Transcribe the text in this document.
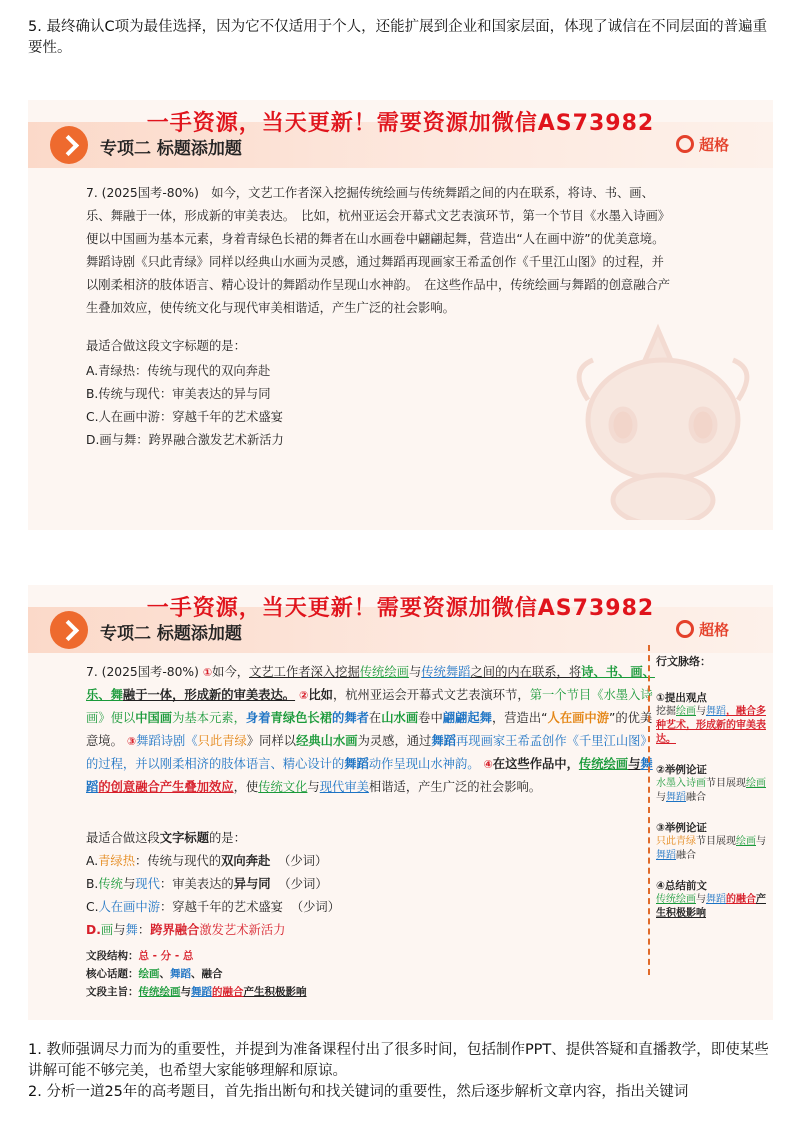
5. 最终确认C项为最佳选择，因为它不仅适用于个人，还能扩展到企业和国家层面，体现了诚信在不同层面的普遍重要性。
一手资源，当天更新！需要资源加微信AS73982
专项二 标题添加题	超格
7. (2025国考-80%)　如今，文艺工作者深入挖掘传统绘画与传统舞蹈之间的内在联系，将诗、书、画、乐、舞融于一体，形成新的审美表达。　比如，杭州亚运会开幕式文艺表演环节，第一个节目《水墨入诗画》便以中国画为基本元素，身着青绿色长裙的舞者在山水画卷中翩翩起舞，营造出“人在画中游”的优美意境。　舞蹈诗剧《只此青绿》同样以经典山水画为灵感，通过舞蹈再现画家王希孟创作《千里江山图》的过程，并以刚柔相济的肢体语言、精心设计的舞蹈动作呈现山水神韵。　在这些作品中，传统绘画与舞蹈的创意融合产生叠加效应，使传统文化与现代审美相谐适，产生广泛的社会影响。
最适合做这段文字标题的是：
A.青绿热：传统与现代的双向奔赴
B.传统与现代：审美表达的异与同
C.人在画中游：穿越千年的艺术盛宴
D.画与舞：跨界融合激发艺术新活力
一手资源，当天更新！需要资源加微信AS73982
专项二 标题添加题	超格
7. (2025国考-80%) ①如今，文艺工作者深入挖掘传统绘画与传统舞蹈之间的内在联系，将诗、书、画、乐、舞融于一体，形成新的审美表达。 ②比如，杭州亚运会开幕式文艺表演环节，第一个节目《水墨入诗画》便以中国画为基本元素，身着青绿色长裙的舞者在山水画卷中翩翩起舞，营造出“人在画中游”的优美意境。 ③舞蹈诗剧《只此青绿》同样以经典山水画为灵感，通过舞蹈再现画家王希孟创作《千里江山图》的过程，并以刚柔相济的肢体语言、精心设计的舞蹈动作呈现山水神韵。 ④在这些作品中，传统绘画与舞蹈的创意融合产生叠加效应，使传统文化与现代审美相谐适，产生广泛的社会影响。
最适合做这段文字标题的是：
A.青绿热：传统与现代的双向奔赴 （少词）
B.传统与现代：审美表达的异与同 （少词）
C.人在画中游：穿越千年的艺术盛宴 （少词）
D.画与舞：跨界融合激发艺术新活力
文段结构：总 - 分 - 总
核心话题：绘画、舞蹈、融合
文段主旨：传统绘画与舞蹈的融合产生积极影响
行文脉络：
①提出观点
挖掘绘画与舞蹈，融合多种艺术，形成新的审美表达。
②举例论证
水墨入诗画节目展现绘画与舞蹈融合
③举例论证
只此青绿节目展现绘画与舞蹈融合
④总结前文
传统绘画与舞蹈的融合产生积极影响
1. 教师强调尽力而为的重要性，并提到为准备课程付出了很多时间，包括制作PPT、提供答疑和直播教学，即使某些讲解可能不够完美，也希望大家能够理解和原谅。
2. 分析一道25年的高考题目，首先指出断句和找关键词的重要性，然后逐步解析文章内容，指出关键词
